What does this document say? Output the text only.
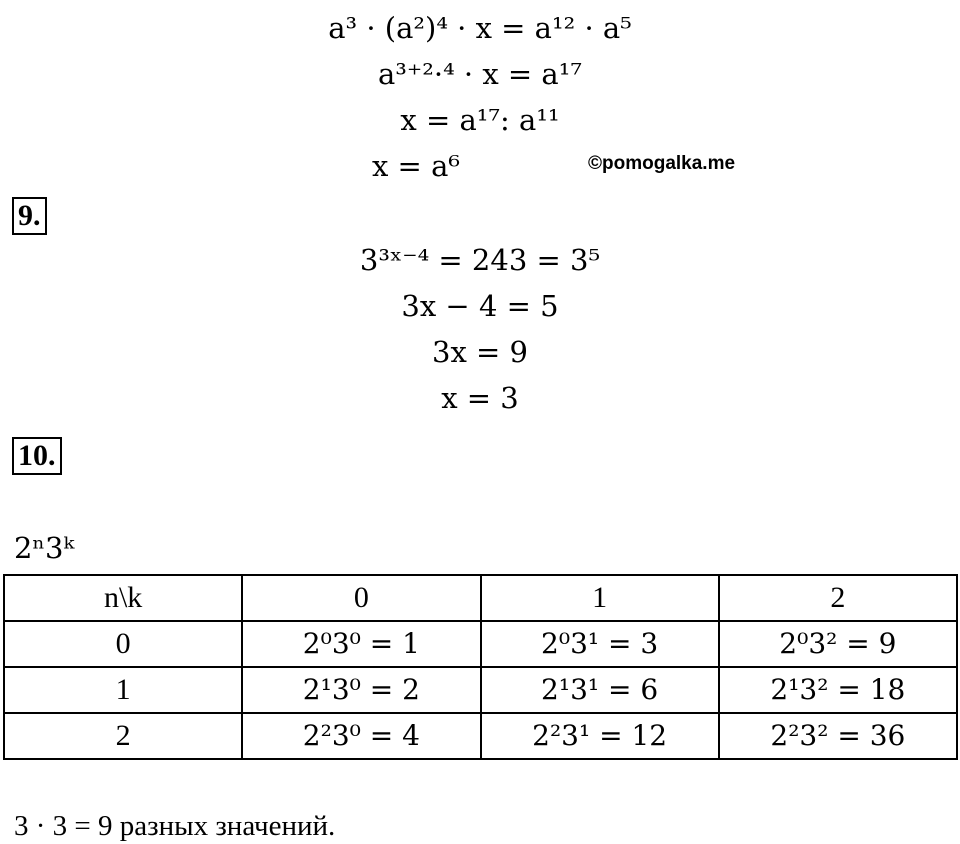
a³ · (a²)⁴ · x = a¹² · a⁵
a³⁺²·⁴ · x = a¹⁷
x = a¹⁷: a¹¹
x = a⁶	©pomogalka.me
9.
3³ˣ⁻⁴ = 243 = 3⁵
3x − 4 = 5
3x = 9
x = 3
10.
2ⁿ3ᵏ
n\k	0	1	2
0	2⁰3⁰ = 1	2⁰3¹ = 3	2⁰3² = 9
1	2¹3⁰ = 2	2¹3¹ = 6	2¹3² = 18
2	2²3⁰ = 4	2²3¹ = 12	2²3² = 36
3 · 3 = 9 разных значений.
